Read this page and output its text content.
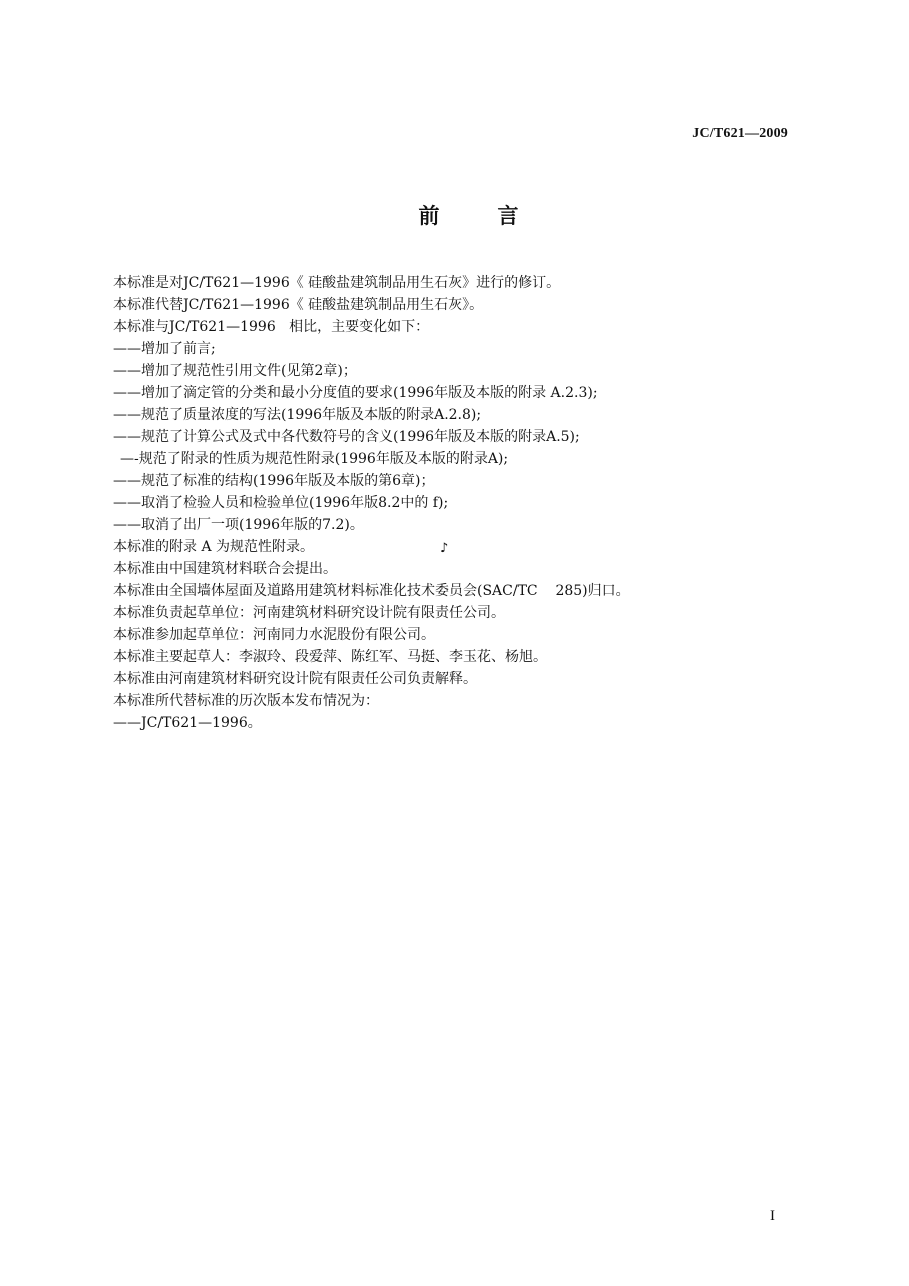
JC/T621—2009
前言
本标准是对JC/T621—1996《 硅酸盐建筑制品用生石灰》进行的修订。
本标准代替JC/T621—1996《 硅酸盐建筑制品用生石灰》。
本标准与JC/T621—1996   相比，主要变化如下：
——增加了前言;
——增加了规范性引用文件(见第2章)；
——增加了滴定管的分类和最小分度值的要求(1996年版及本版的附录 A.2.3);
——规范了质量浓度的写法(1996年版及本版的附录A.2.8);
——规范了计算公式及式中各代数符号的含义(1996年版及本版的附录A.5);
—-规范了附录的性质为规范性附录(1996年版及本版的附录A);
——规范了标准的结构(1996年版及本版的第6章)；
——取消了检验人员和检验单位(1996年版8.2中的 f);
——取消了出厂一项(1996年版的7.2)。
本标准的附录 A 为规范性附录。
本标准由中国建筑材料联合会提出。
本标准由全国墙体屋面及道路用建筑材料标准化技术委员会(SAC/TC    285)归口。
本标准负责起草单位：河南建筑材料研究设计院有限责任公司。
本标准参加起草单位：河南同力水泥股份有限公司。
本标准主要起草人：李淑玲、段爱萍、陈红军、马挺、李玉花、杨旭。
本标准由河南建筑材料研究设计院有限责任公司负责解释。
本标准所代替标准的历次版本发布情况为：
——JC/T621—1996。
♪
I
